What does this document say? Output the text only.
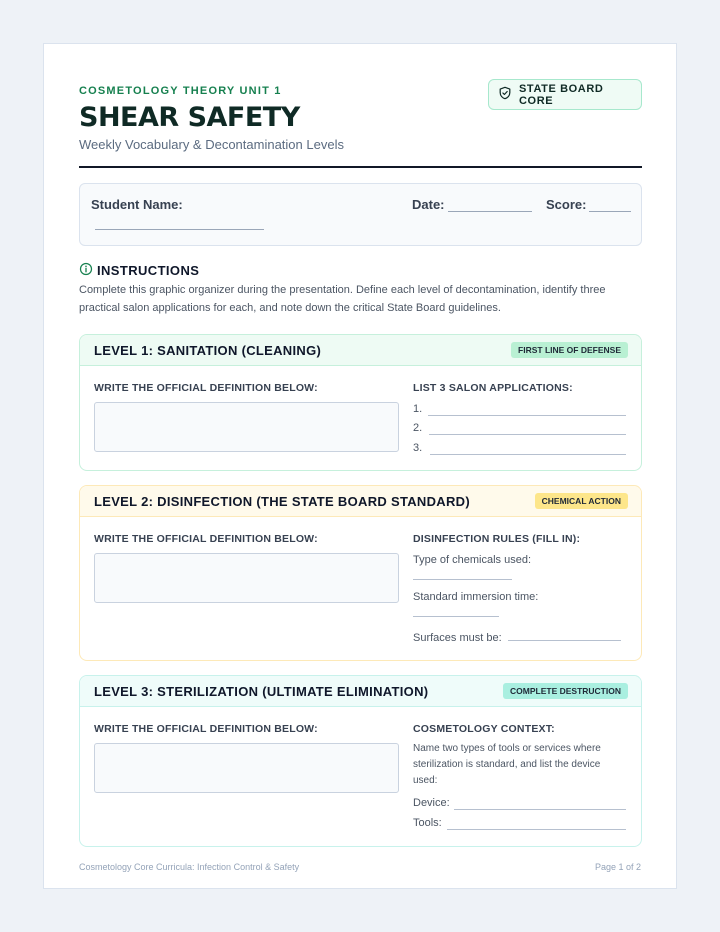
COSMETOLOGY THEORY UNIT 1
SHEAR SAFETY
Weekly Vocabulary & Decontamination Levels
STATE BOARD CORE
Student Name:	Date:	Score:
INSTRUCTIONS
Complete this graphic organizer during the presentation. Define each level of decontamination, identify three practical salon applications for each, and note down the critical State Board guidelines.
LEVEL 1: SANITATION (CLEANING)	FIRST LINE OF DEFENSE
WRITE THE OFFICIAL DEFINITION BELOW:	LIST 3 SALON APPLICATIONS:
1.
2.
3.
LEVEL 2: DISINFECTION (THE STATE BOARD STANDARD)	CHEMICAL ACTION
WRITE THE OFFICIAL DEFINITION BELOW:	DISINFECTION RULES (FILL IN):
Type of chemicals used:
Standard immersion time:
Surfaces must be:
LEVEL 3: STERILIZATION (ULTIMATE ELIMINATION)	COMPLETE DESTRUCTION
WRITE THE OFFICIAL DEFINITION BELOW:	COSMETOLOGY CONTEXT:
Name two types of tools or services where sterilization is standard, and list the device used:
Device:
Tools:
Cosmetology Core Curricula: Infection Control & Safety	Page 1 of 2
